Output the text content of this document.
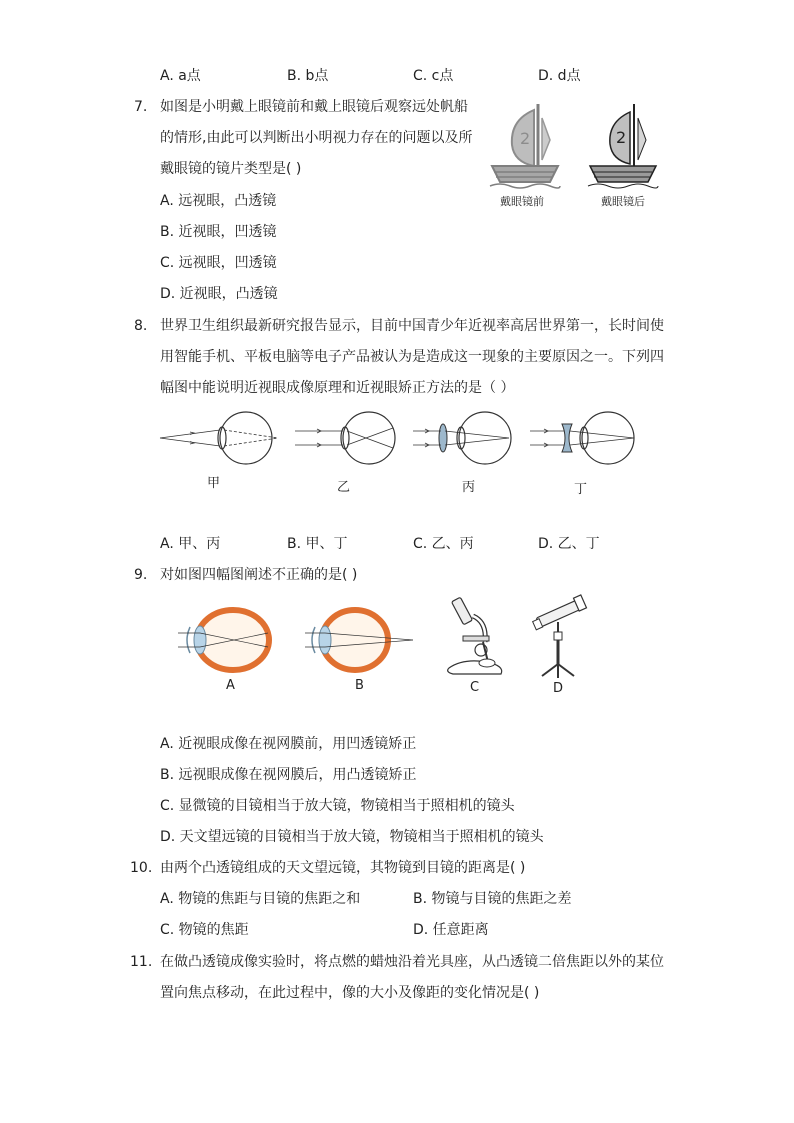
A. a点	B. b点	C. c点	D. d点
7. 如图是小明戴上眼镜前和戴上眼镜后观察远处帆船
的情形,由此可以判断出小明视力存在的问题以及所
戴眼镜的镜片类型是( )
A. 远视眼，凸透镜
B. 近视眼，凹透镜
C. 远视眼，凹透镜
D. 近视眼，凸透镜
2
戴眼镜前
2
戴眼镜后
8. 世界卫生组织最新研究报告显示，目前中国青少年近视率高居世界第一，长时间使
用智能手机、平板电脑等电子产品被认为是造成这一现象的主要原因之一。下列四
幅图中能说明近视眼成像原理和近视眼矫正方法的是（ ）
甲	乙	丙	丁
A. 甲、丙	B. 甲、丁	C. 乙、丙	D. 乙、丁
9. 对如图四幅图阐述不正确的是( )
A	B	C	D
A. 近视眼成像在视网膜前，用凹透镜矫正
B. 远视眼成像在视网膜后，用凸透镜矫正
C. 显微镜的目镜相当于放大镜，物镜相当于照相机的镜头
D. 天文望远镜的目镜相当于放大镜，物镜相当于照相机的镜头
10. 由两个凸透镜组成的天文望远镜，其物镜到目镜的距离是( )
A. 物镜的焦距与目镜的焦距之和	B. 物镜与目镜的焦距之差
C. 物镜的焦距	D. 任意距离
11. 在做凸透镜成像实验时，将点燃的蜡烛沿着光具座，从凸透镜二倍焦距以外的某位
置向焦点移动，在此过程中，像的大小及像距的变化情况是( )
